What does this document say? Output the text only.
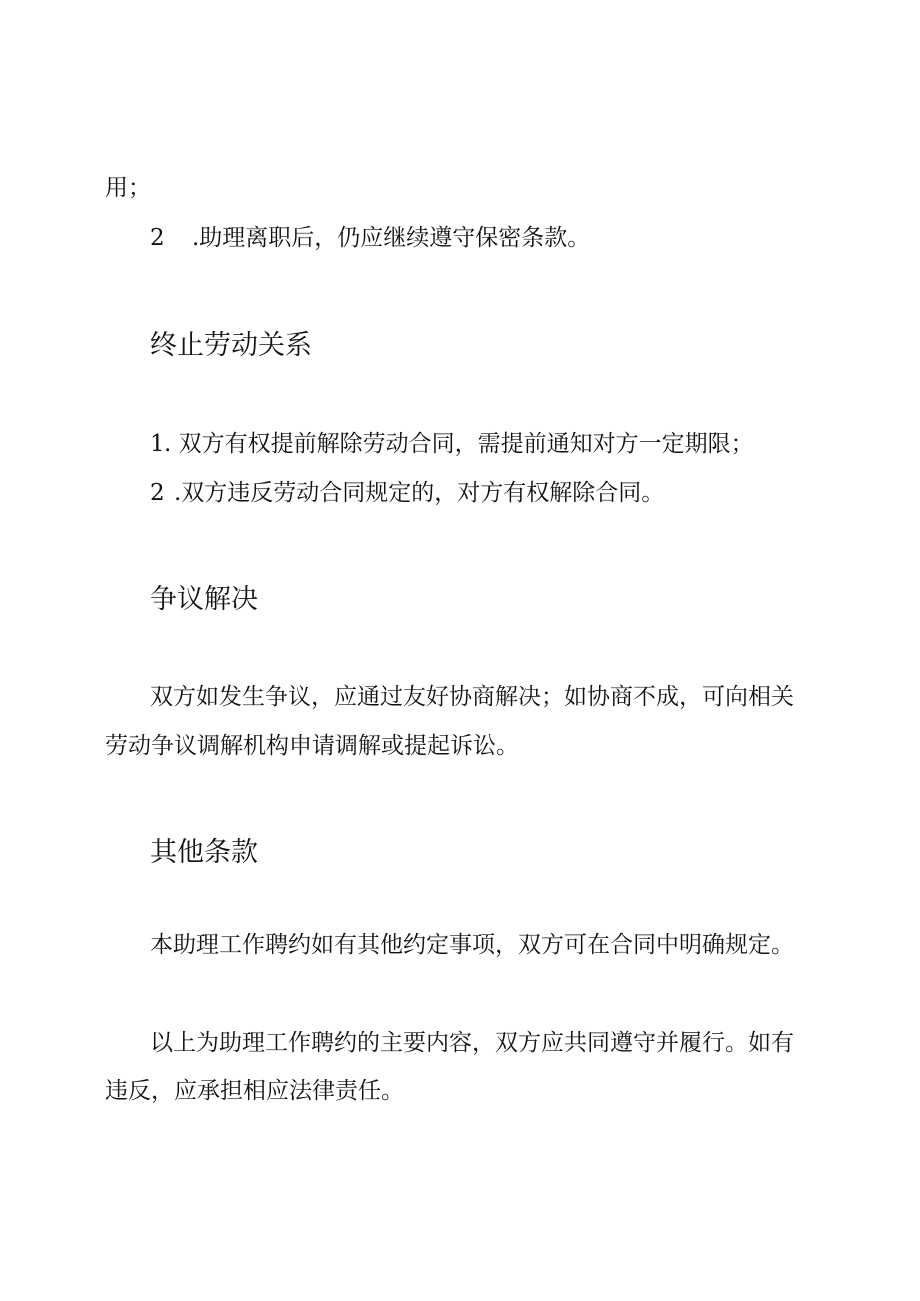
用；
2 .助理离职后，仍应继续遵守保密条款。
终止劳动关系
1. 双方有权提前解除劳动合同，需提前通知对方一定期限；
2 .双方违反劳动合同规定的，对方有权解除合同。
争议解决
双方如发生争议，应通过友好协商解决；如协商不成，可向相关
劳动争议调解机构申请调解或提起诉讼。
其他条款
本助理工作聘约如有其他约定事项，双方可在合同中明确规定。
以上为助理工作聘约的主要内容，双方应共同遵守并履行。如有
违反，应承担相应法律责任。
